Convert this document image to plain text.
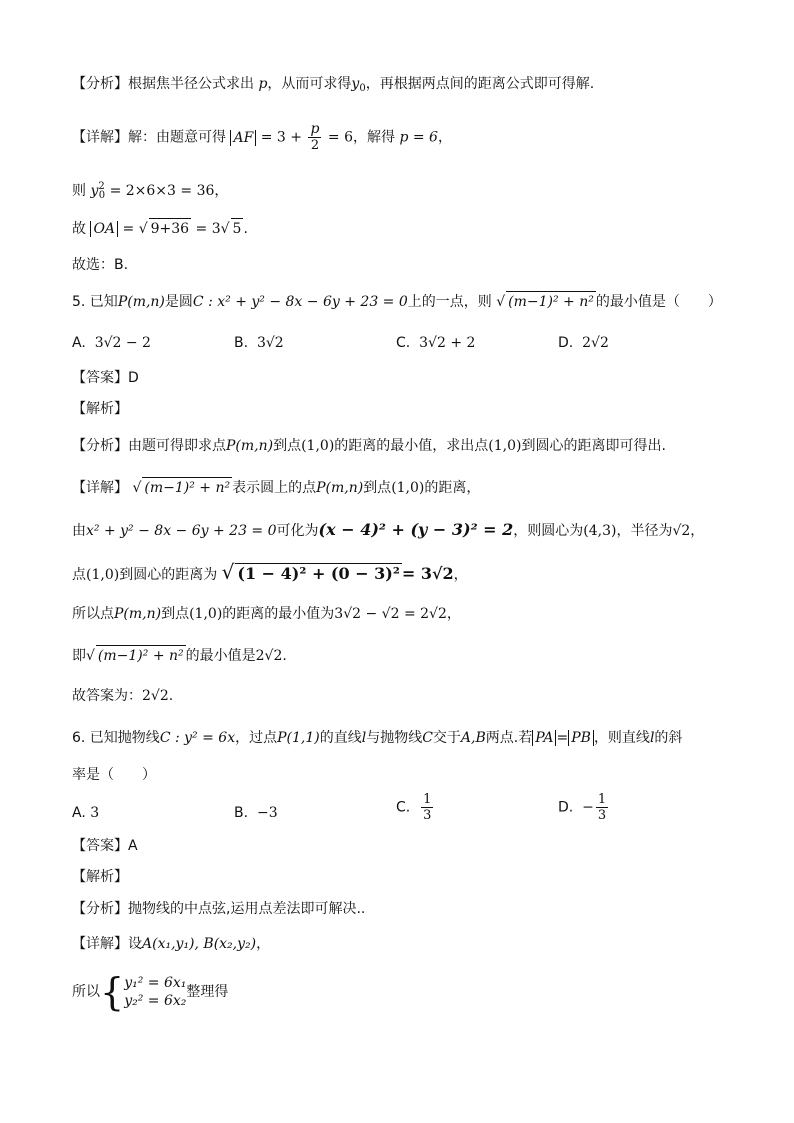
【分析】根据焦半径公式求出 p，从而可求得$y_0$，再根据两点间的距离公式即可得解.
【详解】解：由题意可得 AF = $3 + \frac{p}{2} = 6$，解得 p = 6，
则 $y^2_0 = 2\times 6\times 3 = 36$，
故 OA = √ 9+36 = 3√ 5 .
故选：B.
5. 已知P(m,n)是圆C : x² + y² − 8x − 6y + 23 = 0上的一点，则 √ (m−1)² + n² 的最小值是（　　）
A. 3√2 − 2	B. 3√2	C. 3√2 + 2	D. 2√2
【答案】D
【解析】
【分析】由题可得即求点P(m,n)到点(1,0)的距离的最小值，求出点(1,0)到圆心的距离即可得出.
【详解】 √ (m−1)² + n² 表示圆上的点P(m,n)到点(1,0)的距离，
由x² + y² − 8x − 6y + 23 = 0可化为(x − 4)² + (y − 3)² = 2，则圆心为(4,3)，半径为√2，
点(1,0)到圆心的距离为 √ (1 − 4)² + (0 − 3)² = 3√2，
所以点P(m,n)到点(1,0)的距离的最小值为3√2 − √2 = 2√2，
即√ (m−1)² + n² 的最小值是2√2.
故答案为：2√2.
6. 已知抛物线C : y² = 6x，过点P(1,1)的直线l与抛物线C交于A,B两点.若 PA = PB ，则直线l的斜
率是（　　）
A. 3	B. −3	C. $\frac{1}{3}$	D. − $\frac{1}{3}$
【答案】A
【解析】
【分析】抛物线的中点弦,运用点差法即可解决..
【详解】设A(x₁,y₁), B(x₂,y₂)，
所以{y₁² = 6x₁
y₂² = 6x₂整理得
